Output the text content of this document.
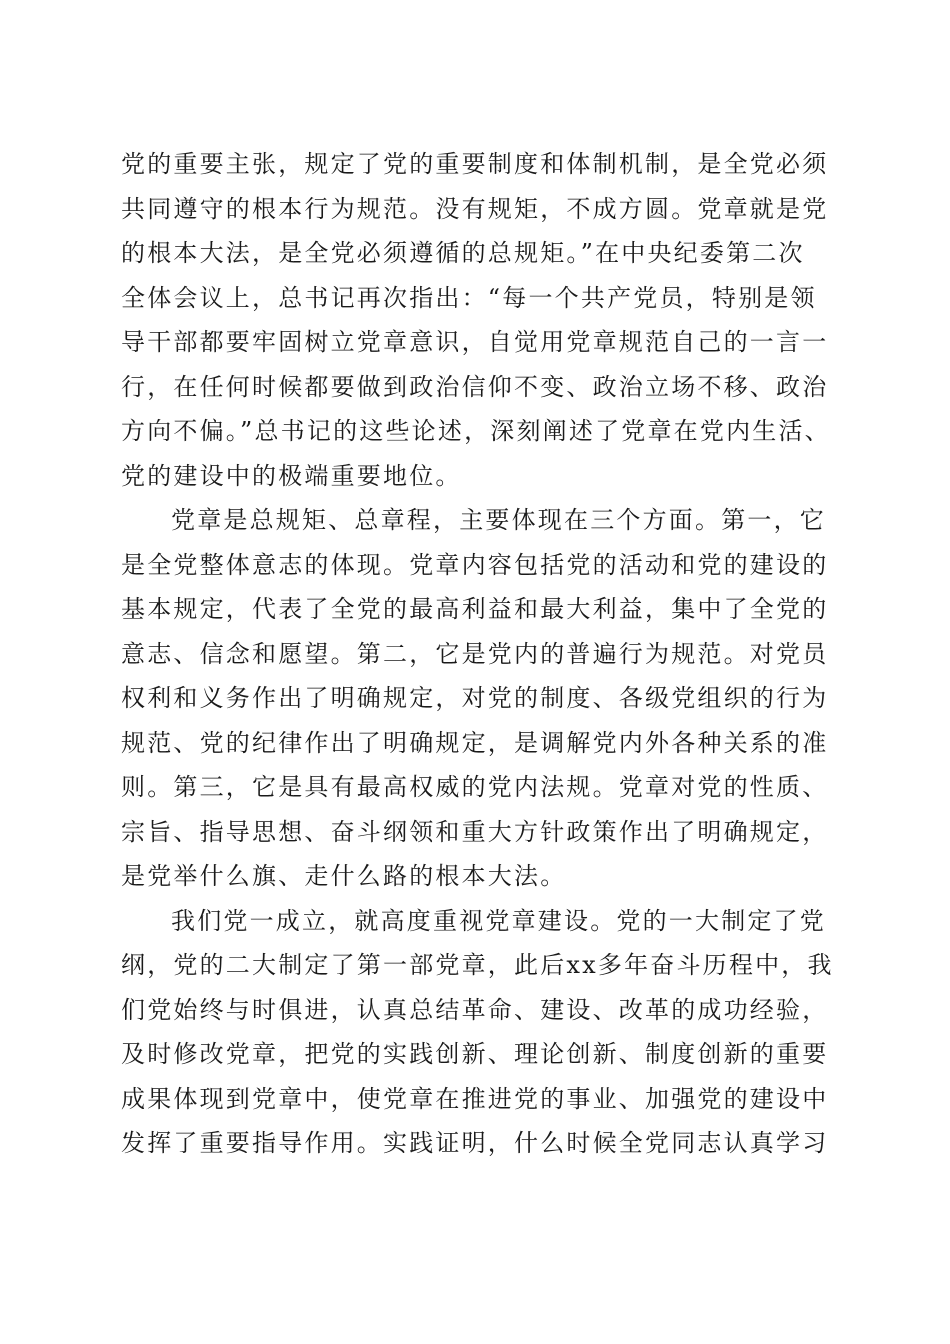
党的重要主张，规定了党的重要制度和体制机制，是全党必须
共同遵守的根本行为规范。没有规矩，不成方圆。党章就是党
的根本大法，是全党必须遵循的总规矩。”在中央纪委第二次
全体会议上，总书记再次指出：“每一个共产党员，特别是领
导干部都要牢固树立党章意识，自觉用党章规范自己的一言一
行，在任何时候都要做到政治信仰不变、政治立场不移、政治
方向不偏。”总书记的这些论述，深刻阐述了党章在党内生活、
党的建设中的极端重要地位。
党章是总规矩、总章程，主要体现在三个方面。第一，它
是全党整体意志的体现。党章内容包括党的活动和党的建设的
基本规定，代表了全党的最高利益和最大利益，集中了全党的
意志、信念和愿望。第二，它是党内的普遍行为规范。对党员
权利和义务作出了明确规定，对党的制度、各级党组织的行为
规范、党的纪律作出了明确规定，是调解党内外各种关系的准
则。第三，它是具有最高权威的党内法规。党章对党的性质、
宗旨、指导思想、奋斗纲领和重大方针政策作出了明确规定，
是党举什么旗、走什么路的根本大法。
我们党一成立，就高度重视党章建设。党的一大制定了党
纲，党的二大制定了第一部党章，此后xx多年奋斗历程中，我
们党始终与时俱进，认真总结革命、建设、改革的成功经验，
及时修改党章，把党的实践创新、理论创新、制度创新的重要
成果体现到党章中，使党章在推进党的事业、加强党的建设中
发挥了重要指导作用。实践证明，什么时候全党同志认真学习
